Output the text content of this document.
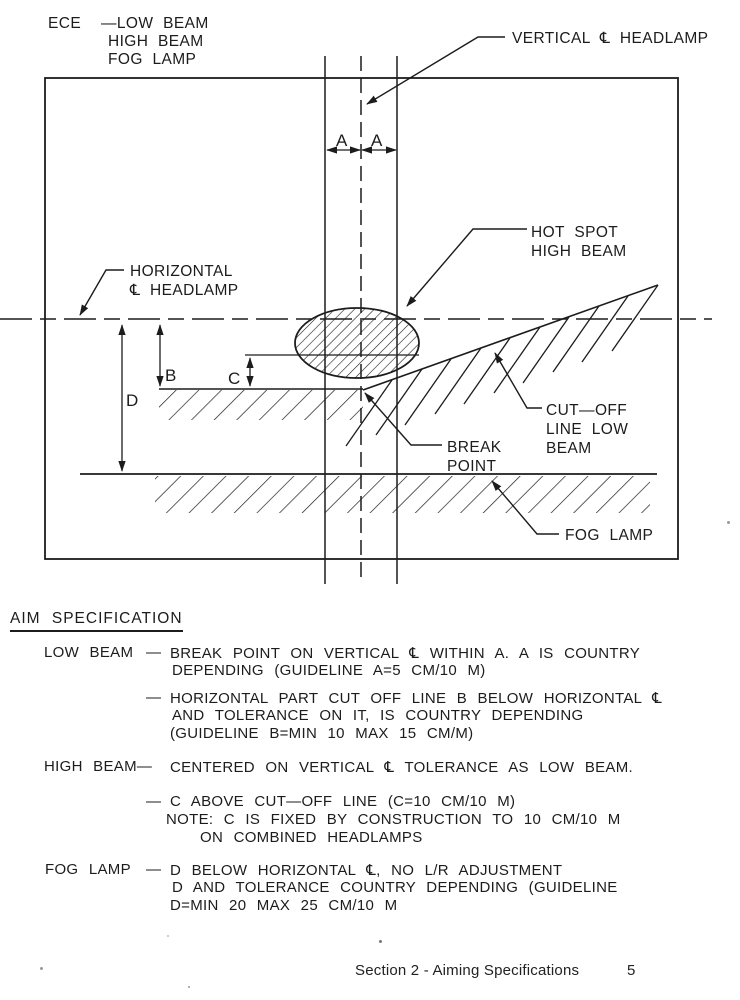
ECE —LOW BEAM
HIGH BEAM
FOG LAMP
VERTICAL ℄ HEADLAMP
HORIZONTAL
℄ HEADLAMP
HOT SPOT
HIGH BEAM
BREAK
POINT
CUT—OFF
LINE LOW
BEAM
FOG LAMP
A A
B	C
D
AIM SPECIFICATION
LOW BEAM — BREAK POINT ON VERTICAL ℄ WITHIN A. A IS COUNTRY
DEPENDING (GUIDELINE A=5 CM/10 M)
— HORIZONTAL PART CUT OFF LINE B BELOW HORIZONTAL ℄
AND TOLERANCE ON IT, IS COUNTRY DEPENDING
(GUIDELINE B=MIN 10 MAX 15 CM/M)
HIGH BEAM— CENTERED ON VERTICAL ℄ TOLERANCE AS LOW BEAM.
— C ABOVE CUT—OFF LINE (C=10 CM/10 M)
NOTE: C IS FIXED BY CONSTRUCTION TO 10 CM/10 M
ON COMBINED HEADLAMPS
FOG LAMP — D BELOW HORIZONTAL ℄, NO L/R ADJUSTMENT
D AND TOLERANCE COUNTRY DEPENDING (GUIDELINE
D=MIN 20 MAX 25 CM/10 M
Section 2 - Aiming Specifications	5
